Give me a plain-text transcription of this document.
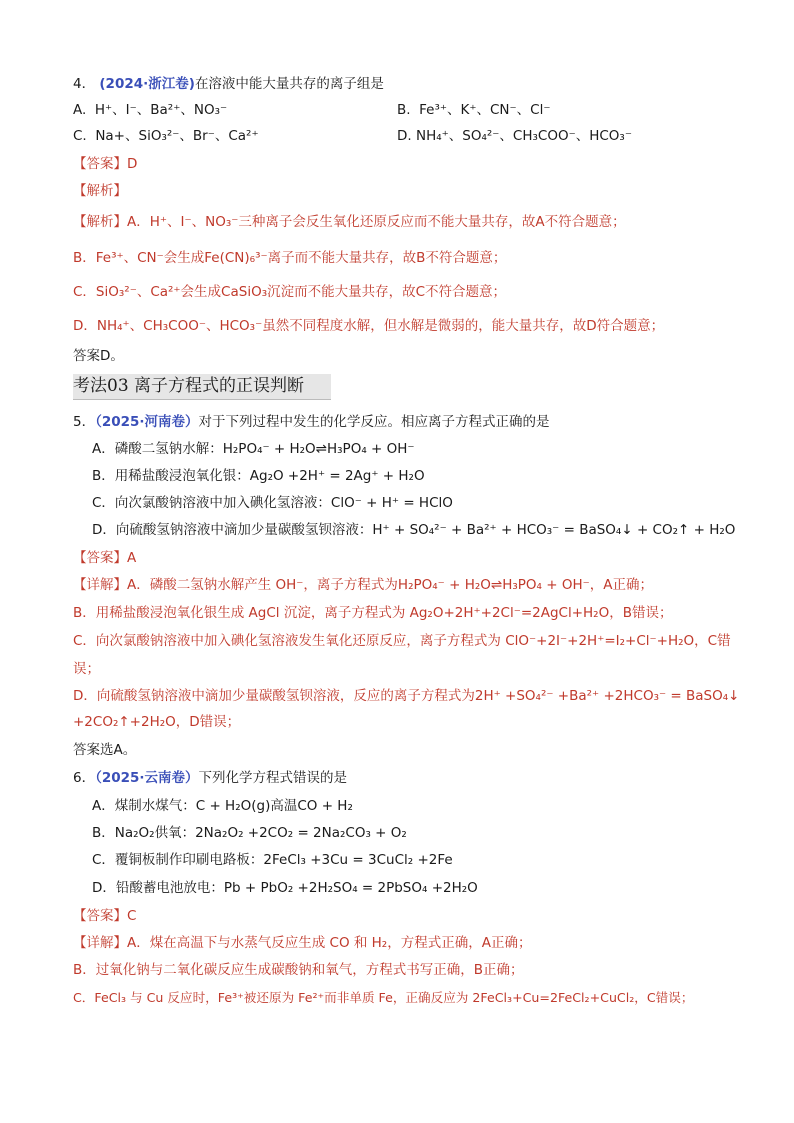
4． (2024·浙江卷)在溶液中能大量共存的离子组是
A. H⁺、I⁻、Ba²⁺、NO₃⁻	B. Fe³⁺、K⁺、CN⁻、Cl⁻
C. Na+、SiO₃²⁻、Br⁻、Ca²⁺	D. NH₄⁺、SO₄²⁻、CH₃COO⁻、HCO₃⁻
【答案】D
【解析】
【解析】A．H⁺、I⁻、NO₃⁻三种离子会反生氧化还原反应而不能大量共存，故A不符合题意；
B．Fe³⁺、CN⁻会生成Fe(CN)₆³⁻离子而不能大量共存，故B不符合题意；
C．SiO₃²⁻、Ca²⁺会生成CaSiO₃沉淀而不能大量共存，故C不符合题意；
D．NH₄⁺、CH₃COO⁻、HCO₃⁻虽然不同程度水解，但水解是微弱的，能大量共存，故D符合题意；
答案D。
考法03 离子方程式的正误判断
5．（2025·河南卷）对于下列过程中发生的化学反应。相应离子方程式正确的是
A．磷酸二氢钠水解：H₂PO₄⁻ + H₂O⇌H₃PO₄ + OH⁻
B．用稀盐酸浸泡氧化银：Ag₂O +2H⁺ = 2Ag⁺ + H₂O
C．向次氯酸钠溶液中加入碘化氢溶液：ClO⁻ + H⁺ = HClO
D．向硫酸氢钠溶液中滴加少量碳酸氢钡溶液：H⁺ + SO₄²⁻ + Ba²⁺ + HCO₃⁻ = BaSO₄↓ + CO₂↑ + H₂O
【答案】A
【详解】A．磷酸二氢钠水解产生 OH⁻，离子方程式为H₂PO₄⁻ + H₂O⇌H₃PO₄ + OH⁻，A正确；
B．用稀盐酸浸泡氧化银生成 AgCl 沉淀，离子方程式为 Ag₂O+2H⁺+2Cl⁻=2AgCl+H₂O，B错误；
C．向次氯酸钠溶液中加入碘化氢溶液发生氧化还原反应，离子方程式为 ClO⁻+2I⁻+2H⁺=I₂+Cl⁻+H₂O，C错
误；
D．向硫酸氢钠溶液中滴加少量碳酸氢钡溶液，反应的离子方程式为2H⁺ +SO₄²⁻ +Ba²⁺ +2HCO₃⁻ = BaSO₄↓
+2CO₂↑+2H₂O，D错误；
答案选A。
6．（2025·云南卷）下列化学方程式错误的是
A．煤制水煤气：C + H₂O(g)高温CO + H₂
B．Na₂O₂供氧：2Na₂O₂ +2CO₂ = 2Na₂CO₃ + O₂
C．覆铜板制作印刷电路板：2FeCl₃ +3Cu = 3CuCl₂ +2Fe
D．铅酸蓄电池放电：Pb + PbO₂ +2H₂SO₄ = 2PbSO₄ +2H₂O
【答案】C
【详解】A．煤在高温下与水蒸气反应生成 CO 和 H₂，方程式正确，A正确；
B．过氧化钠与二氧化碳反应生成碳酸钠和氧气，方程式书写正确，B正确；
C．FeCl₃ 与 Cu 反应时，Fe³⁺被还原为 Fe²⁺而非单质 Fe，正确反应为 2FeCl₃+Cu=2FeCl₂+CuCl₂，C错误；
